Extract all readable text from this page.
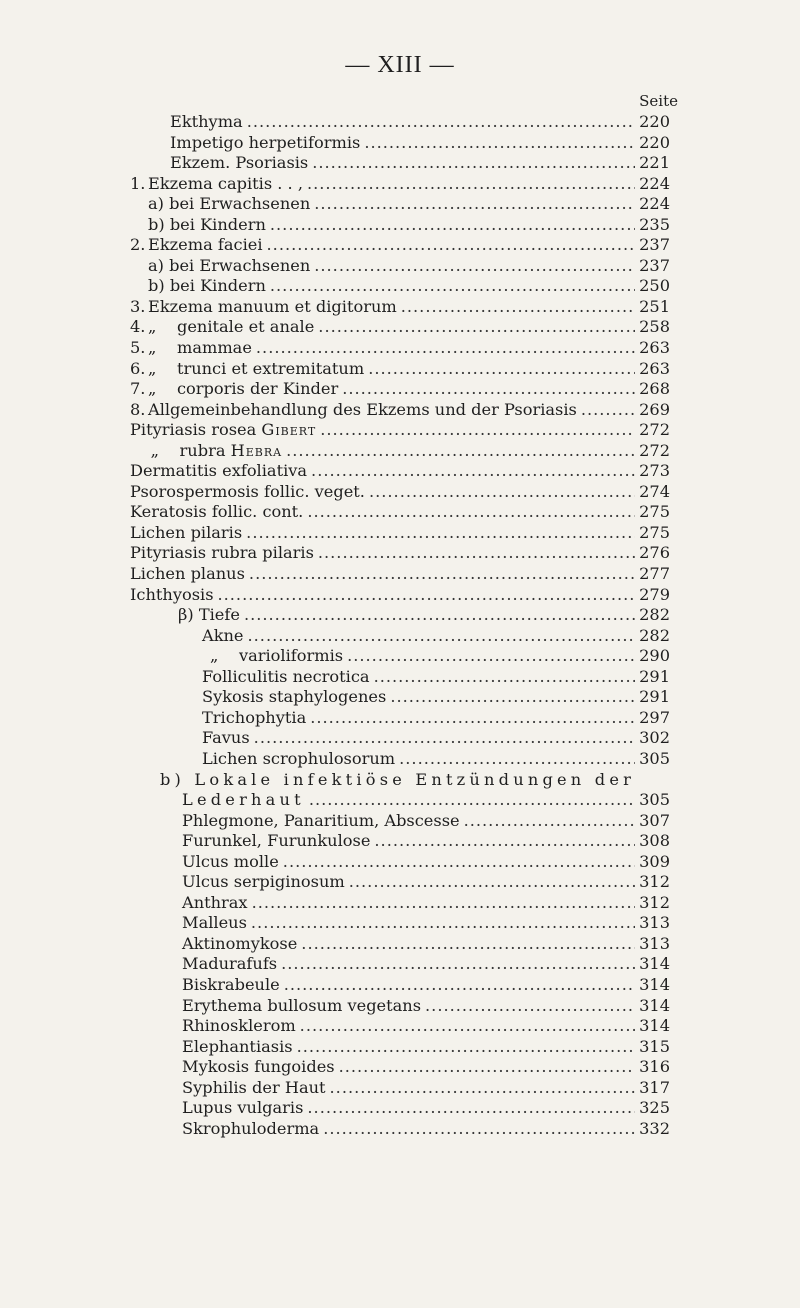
— XIII —
Seite
Ekthyma .....	220
Impetigo herpetiformis .....	220
Ekzem. Psoriasis .....	221
1. Ekzema capitis . . , .....	224
a) bei Erwachsenen .....	224
b) bei Kindern .....	235
2. Ekzema faciei .....	237
a) bei Erwachsenen .....	237
b) bei Kindern .....	250
3. Ekzema manuum et digitorum .....	251
4. „    genitale et anale .....	258
5. „    mammae .....	263
6. „    trunci et extremitatum .....	263
7. „    corporis der Kinder .....	268
8. Allgemeinbehandlung des Ekzems und der Psoriasis .....	269
Pityriasis rosea Gibert .....	272
„    rubra Hebra .....	272
Dermatitis exfoliativa .....	273
Psorospermosis follic. veget. .....	274
Keratosis follic. cont. .....	275
Lichen pilaris .....	275
Pityriasis rubra pilaris .....	276
Lichen planus .....	277
Ichthyosis .....	279
β) Tiefe .....	282
Akne .....	282
„    varioliformis .....	290
Folliculitis necrotica .....	291
Sykosis staphylogenes .....	291
Trichophytia .....	297
Favus .....	302
Lichen scrophulosorum .....	305
b) Lokale infektiöse Entzündungen der
Lederhaut .....	305
Phlegmone, Panaritium, Abscesse .....	307
Furunkel, Furunkulose .....	308
Ulcus molle .....	309
Ulcus serpiginosum .....	312
Anthrax .....	312
Malleus .....	313
Aktinomykose .....	313
Madurafufs .....	314
Biskrabeule .....	314
Erythema bullosum vegetans .....	314
Rhinosklerom .....	314
Elephantiasis .....	315
Mykosis fungoides .....	316
Syphilis der Haut .....	317
Lupus vulgaris .....	325
Skrophuloderma .....	332
